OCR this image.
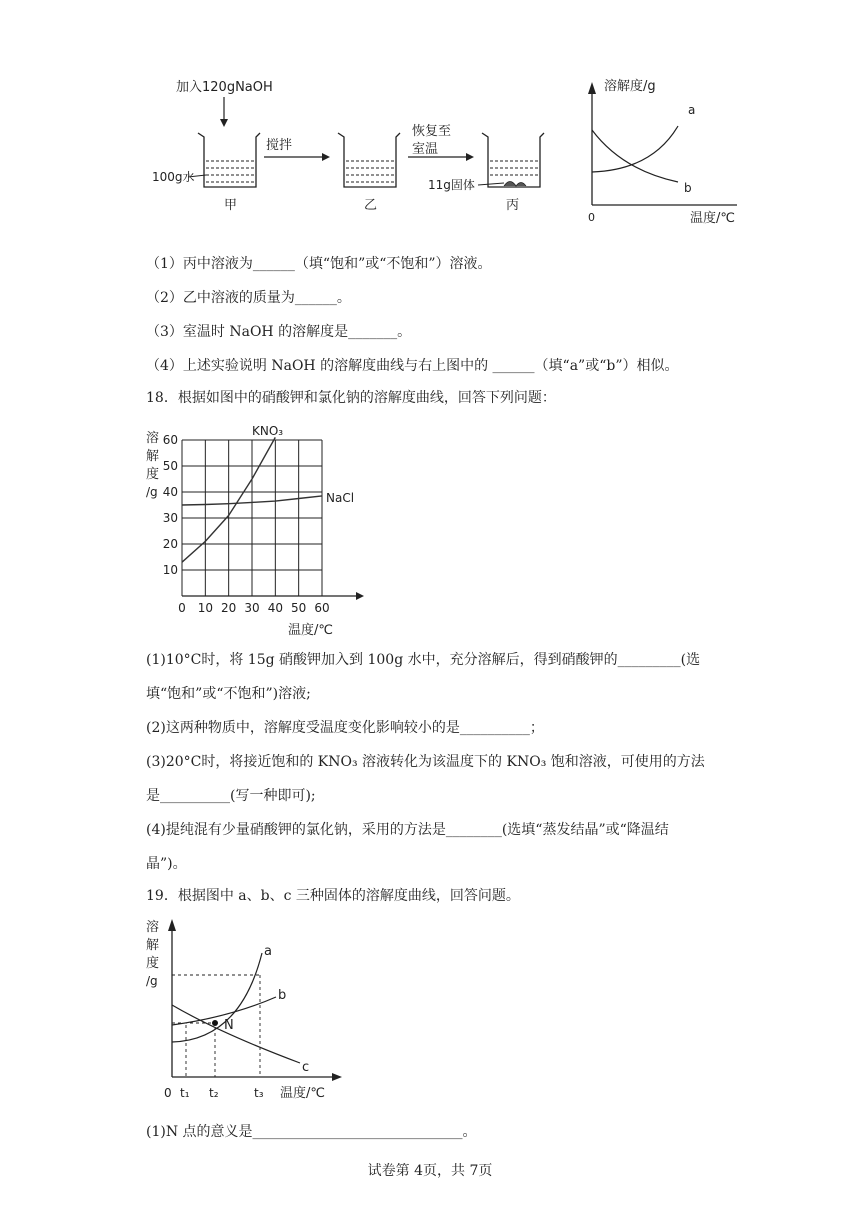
加入120gNaOH
100g水
甲
搅拌
乙
恢复至
室温
11g固体
丙
溶解度/g
温度/℃
0
a
b
（1）丙中溶液为______（填“饱和”或“不饱和”）溶液。
（2）乙中溶液的质量为______。
（3）室温时 NaOH 的溶解度是_______。
（4）上述实验说明 NaOH 的溶解度曲线与右上图中的 ______（填“a”或“b”）相似。
18．根据如图中的硝酸钾和氯化钠的溶解度曲线，回答下列问题：
溶
解
度
/g
10
20
30
40
50
60
0 10 20 30 40 50 60
KNO₃
NaCl
温度/℃
(1)10°C时，将 15g 硝酸钾加入到 100g 水中，充分溶解后，得到硝酸钾的_________(选
填“饱和”或“不饱和”)溶液;
(2)这两种物质中，溶解度受温度变化影响较小的是__________；
(3)20°C时，将接近饱和的 KNO₃ 溶液转化为该温度下的 KNO₃ 饱和溶液，可使用的方法
是__________(写一种即可);
(4)提纯混有少量硝酸钾的氯化钠，采用的方法是________(选填“蒸发结晶”或“降温结
晶”)。
19．根据图中 a、b、c 三种固体的溶解度曲线，回答问题。
溶
解
度
/g
N
a
b
c
0 t₁ t₂	t₃ 温度/℃
(1)N 点的意义是______________________________。
试卷第 4页，共 7页
